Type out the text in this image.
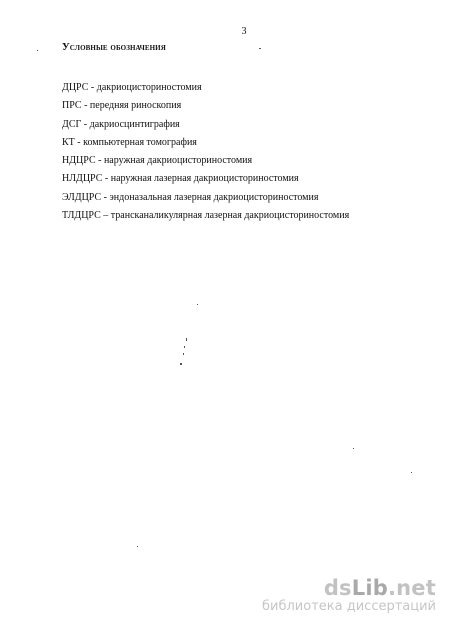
3
Условные обозначения
ДЦРС - дакриоцисториностомия
ПРС - передняя риноскопия
ДСГ - дакриосцинтиграфия
КТ - компьютерная томография
НДЦРС - наружная дакриоцисториностомия
НЛДЦРС - наружная лазерная дакриоцисториностомия
ЭЛДЦРС - эндоназальная лазерная дакриоцисториностомия
ТЛДЦРС – трансканаликулярная лазерная дакриоцисториностомия
dsLib.net
библиотека диссертаций
